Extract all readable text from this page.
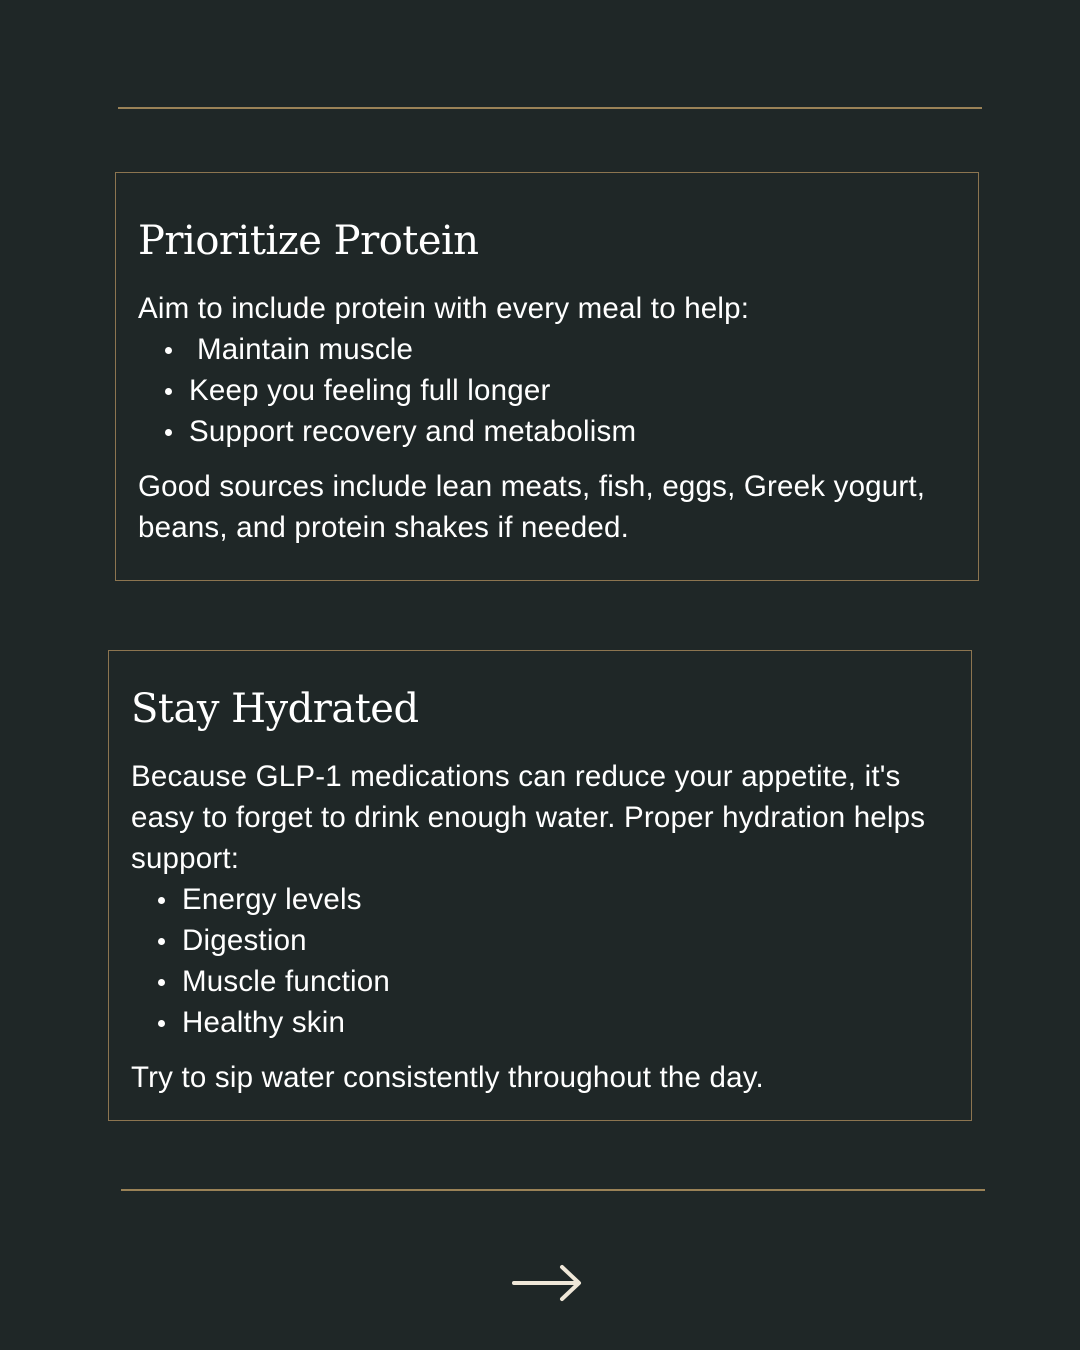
Prioritize Protein

Aim to include protein with every meal to help:

Maintain muscle
Keep you feeling full longer
Support recovery and metabolism

Good sources include lean meats, fish, eggs, Greek yogurt, beans, and protein shakes if needed.

Stay Hydrated

Because GLP-1 medications can reduce your appetite, it's easy to forget to drink enough water. Proper hydration helps support:

Energy levels
Digestion
Muscle function
Healthy skin

Try to sip water consistently throughout the day.
